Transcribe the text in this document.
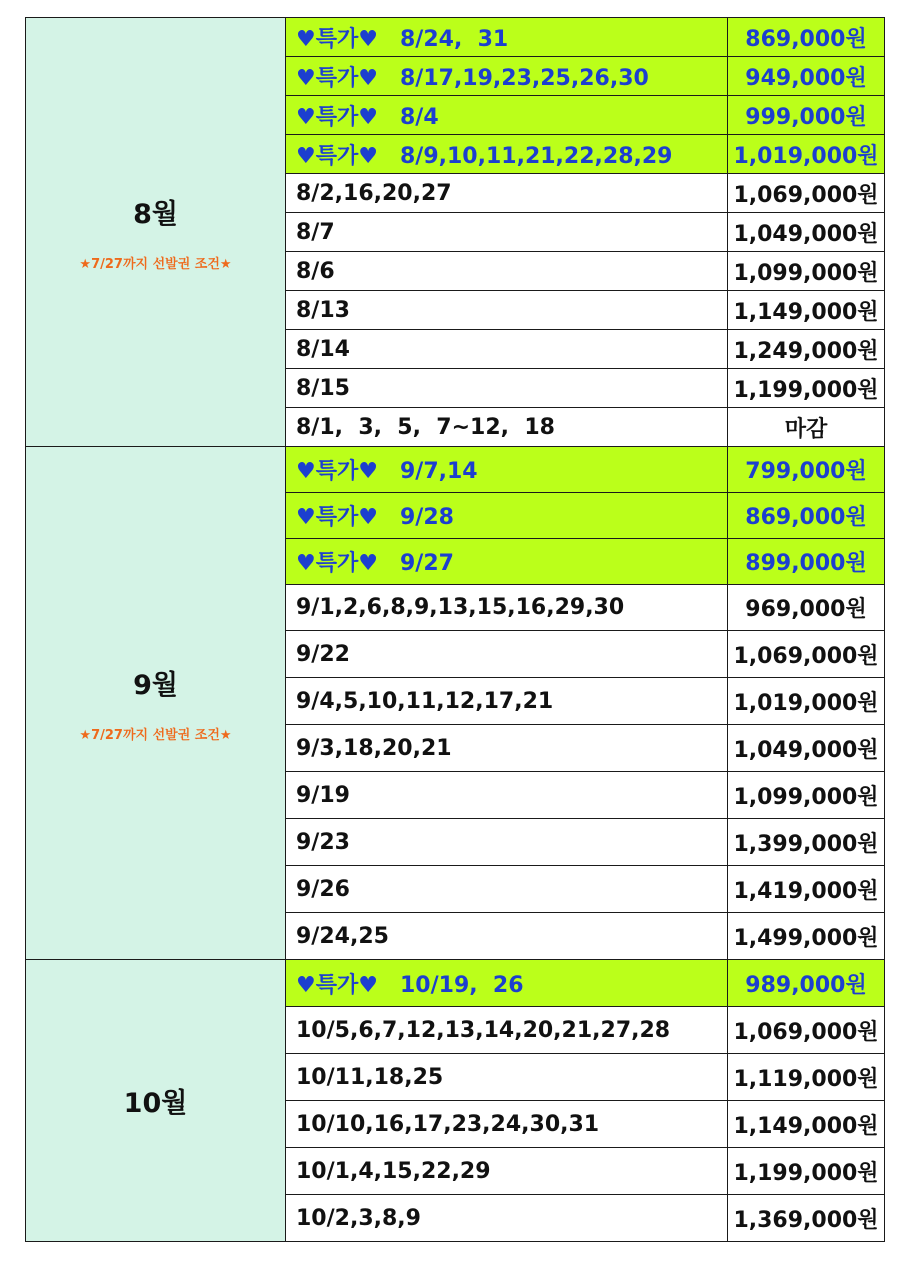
8월
★7/27까지 선발권 조건★	♥특가♥ 8/24,  31	869,000원
	♥특가♥ 8/17,19,23,25,26,30	949,000원
	♥특가♥ 8/4	999,000원
	♥특가♥ 8/9,10,11,21,22,28,29	1,019,000원
	8/2,16,20,27	1,069,000원
	8/7	1,049,000원
	8/6	1,099,000원
	8/13	1,149,000원
	8/14	1,249,000원
	8/15	1,199,000원
	8/1,  3,  5,  7~12,  18	마감

9월
★7/27까지 선발권 조건★	♥특가♥ 9/7,14	799,000원
	♥특가♥ 9/28	869,000원
	♥특가♥ 9/27	899,000원
	9/1,2,6,8,9,13,15,16,29,30	969,000원
	9/22	1,069,000원
	9/4,5,10,11,12,17,21	1,019,000원
	9/3,18,20,21	1,049,000원
	9/19	1,099,000원
	9/23	1,399,000원
	9/26	1,419,000원
	9/24,25	1,499,000원

10월	♥특가♥ 10/19,  26	989,000원
	10/5,6,7,12,13,14,20,21,27,28	1,069,000원
	10/11,18,25	1,119,000원
	10/10,16,17,23,24,30,31	1,149,000원
	10/1,4,15,22,29	1,199,000원
	10/2,3,8,9	1,369,000원
